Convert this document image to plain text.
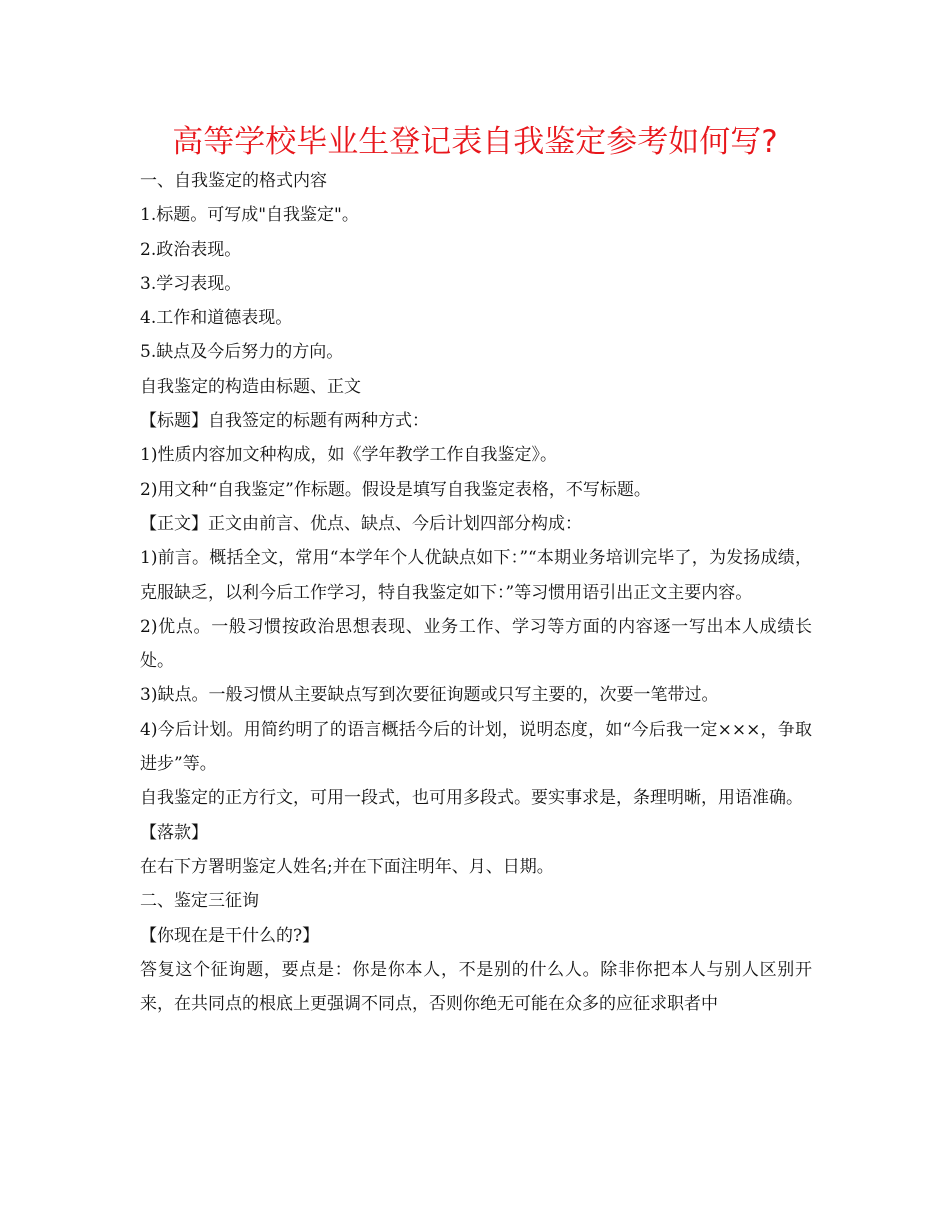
高等学校毕业生登记表自我鉴定参考如何写?

一、自我鉴定的格式内容

1.标题。可写成"自我鉴定"。

2.政治表现。

3.学习表现。

4.工作和道德表现。

5.缺点及今后努力的方向。

自我鉴定的构造由标题、正文

【标题】自我签定的标题有两种方式：

1)性质内容加文种构成，如《学年教学工作自我鉴定》。

2)用文种“自我鉴定”作标题。假设是填写自我鉴定表格，不写标题。

【正文】正文由前言、优点、缺点、今后计划四部分构成：

1)前言。概括全文，常用“本学年个人优缺点如下：”“本期业务培训完毕了，为发扬成绩，克服缺乏，以利今后工作学习，特自我鉴定如下：”等习惯用语引出正文主要内容。

2)优点。一般习惯按政治思想表现、业务工作、学习等方面的内容逐一写出本人成绩长处。

3)缺点。一般习惯从主要缺点写到次要征询题或只写主要的，次要一笔带过。

4)今后计划。用简约明了的语言概括今后的计划，说明态度，如“今后我一定×××，争取进步”等。

自我鉴定的正方行文，可用一段式，也可用多段式。要实事求是，条理明晰，用语准确。

【落款】

在右下方署明鉴定人姓名;并在下面注明年、月、日期。

二、鉴定三征询

【你现在是干什么的?】

答复这个征询题，要点是：你是你本人，不是别的什么人。除非你把本人与别人区别开来，在共同点的根底上更强调不同点，否则你绝无可能在众多的应征求职者中
